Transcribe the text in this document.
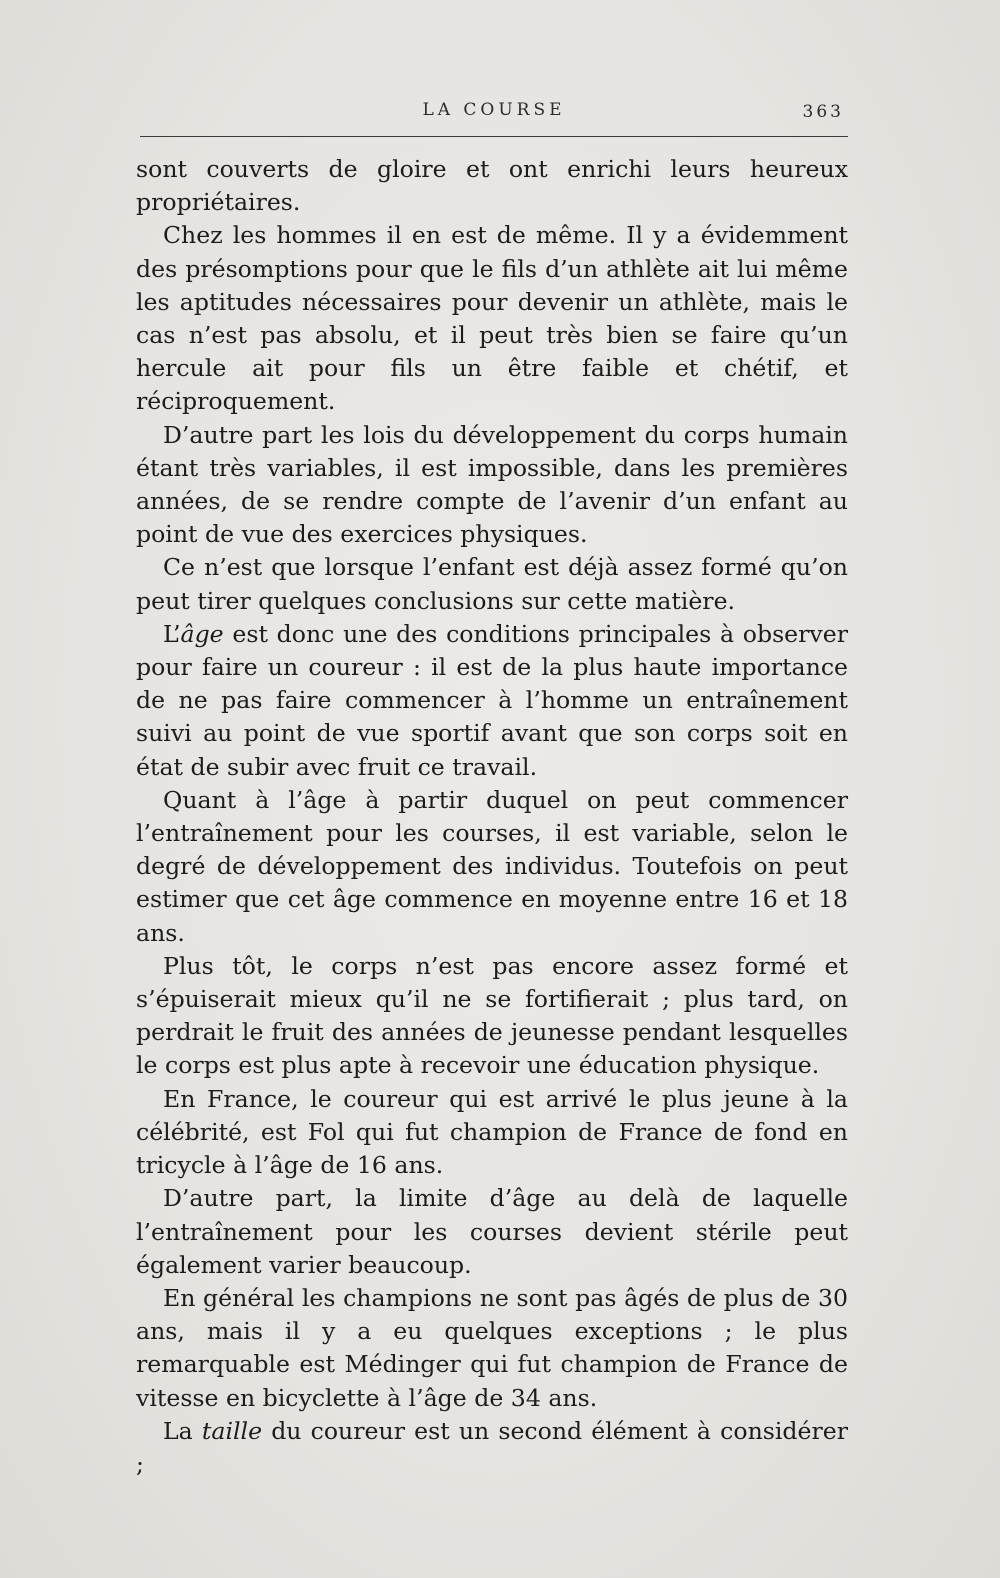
LA COURSE	363

sont couverts de gloire et ont enrichi leurs heureux propriétaires.

Chez les hommes il en est de même. Il y a évidemment des présomptions pour que le fils d’un athlète ait lui même les aptitudes nécessaires pour devenir un athlète, mais le cas n’est pas absolu, et il peut très bien se faire qu’un hercule ait pour fils un être faible et chétif, et réciproquement.

D’autre part les lois du développement du corps humain étant très variables, il est impossible, dans les premières années, de se rendre compte de l’avenir d’un enfant au point de vue des exercices physiques.

Ce n’est que lorsque l’enfant est déjà assez formé qu’on peut tirer quelques conclusions sur cette matière.

L’âge est donc une des conditions principales à observer pour faire un coureur : il est de la plus haute importance de ne pas faire commencer à l’homme un entraînement suivi au point de vue sportif avant que son corps soit en état de subir avec fruit ce travail.

Quant à l’âge à partir duquel on peut commencer l’entraînement pour les courses, il est variable, selon le degré de développement des individus. Toutefois on peut estimer que cet âge commence en moyenne entre 16 et 18 ans.

Plus tôt, le corps n’est pas encore assez formé et s’épuiserait mieux qu’il ne se fortifierait ; plus tard, on perdrait le fruit des années de jeunesse pendant lesquelles le corps est plus apte à recevoir une éducation physique.

En France, le coureur qui est arrivé le plus jeune à la célébrité, est Fol qui fut champion de France de fond en tricycle à l’âge de 16 ans.

D’autre part, la limite d’âge au delà de laquelle l’entraînement pour les courses devient stérile peut également varier beaucoup.

En général les champions ne sont pas âgés de plus de 30 ans, mais il y a eu quelques exceptions ; le plus remarquable est Médinger qui fut champion de France de vitesse en bicyclette à l’âge de 34 ans.

La taille du coureur est un second élément à considérer ;
